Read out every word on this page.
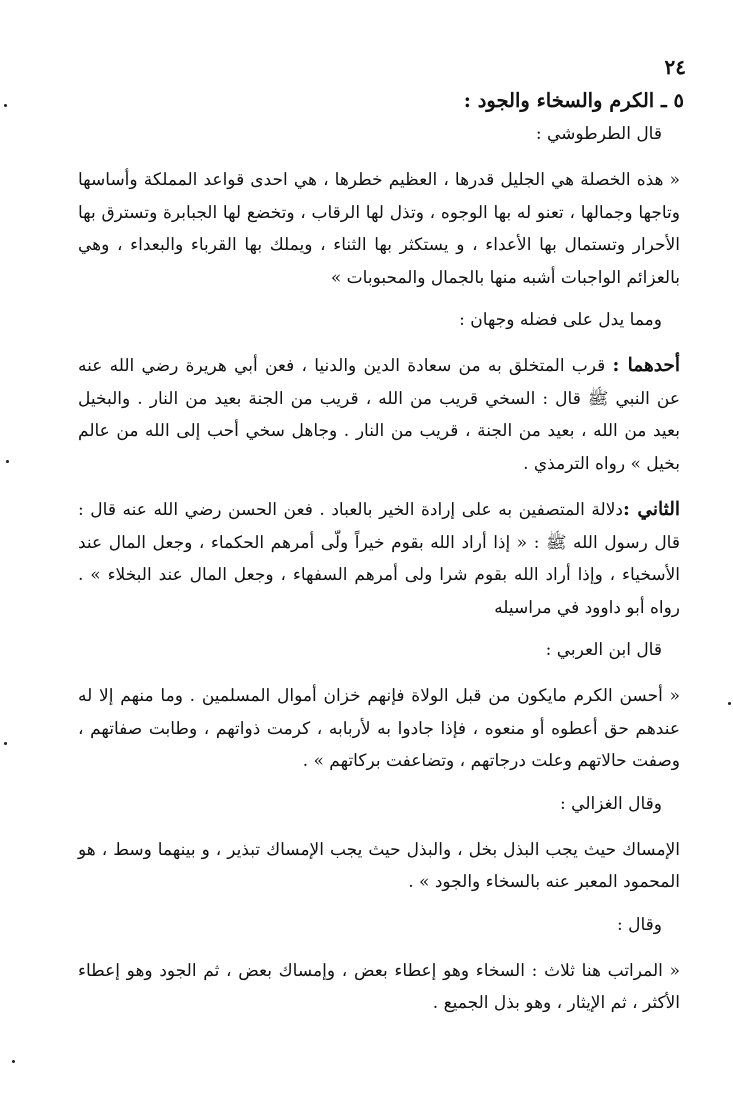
٢٤
٥ ـ الكرم والسخاء والجود :
قال الطرطوشي :

« هذه الخصلة هي الجليل قدرها ، العظيم خطرها ، هي احدى قواعد المملكة وأساسها وتاجها وجمالها ، تعنو له بها الوجوه ، وتذل لها الرقاب ، وتخضع لها الجبابرة وتسترق بها الأحرار وتستمال بها الأعداء ، و يستكثر بها الثناء ، ويملك بها القرباء والبعداء ، وهي بالعزائم الواجبات أشبه منها بالجمال والمحبوبات »

ومما يدل على فضله وجهان :

أحدهما : قرب المتخلق به من سعادة الدين والدنيا ، فعن أبي هريرة رضي الله عنه عن النبي ﷺ قال : السخي قريب من الله ، قريب من الجنة بعيد من النار . والبخيل بعيد من الله ، بعيد من الجنة ، قريب من النار . وجاهل سخي أحب إلى الله من عالم بخيل » رواه الترمذي .

الثاني :دلالة المتصفين به على إرادة الخير بالعباد . فعن الحسن رضي الله عنه قال : قال رسول الله ﷺ : « إذا أراد الله بقوم خيراً ولّى أمرهم الحكماء ، وجعل المال عند الأسخياء ، وإذا أراد الله بقوم شرا ولى أمرهم السفهاء ، وجعل المال عند البخلاء » . رواه أبو داوود في مراسيله

قال ابن العربي :

« أحسن الكرم مايكون من قبل الولاة فإنهم خزان أموال المسلمين . وما منهم إلا له عندهم حق أعطوه أو منعوه ، فإذا جادوا به لأربابه ، كرمت ذواتهم ، وطابت صفاتهم ، وصفت حالاتهم وعلت درجاتهم ، وتضاعفت بركاتهم » .

وقال الغزالي :

الإمساك حيث يجب البذل بخل ، والبذل حيث يجب الإمساك تبذير ، و بينهما وسط ، هو المحمود المعبر عنه بالسخاء والجود » .

وقال :

« المراتب هنا ثلاث : السخاء وهو إعطاء بعض ، وإمساك بعض ، ثم الجود وهو إعطاء الأكثر ، ثم الإيثار ، وهو بذل الجميع .
